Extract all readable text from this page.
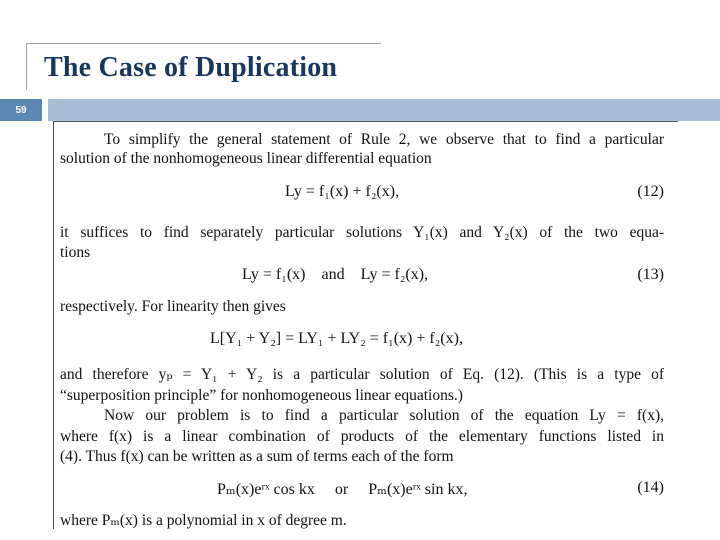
The Case of Duplication
59
To simplify the general statement of Rule 2, we observe that to find a particular
solution of the nonhomogeneous linear differential equation
Ly = f₁(x) + f₂(x),	(12)
it suffices to find separately particular solutions Y₁(x) and Y₂(x) of the two equa-
tions
Ly = f₁(x)    and    Ly = f₂(x),	(13)
respectively. For linearity then gives
L[Y₁ + Y₂] = LY₁ + LY₂ = f₁(x) + f₂(x),
and therefore yₚ = Y₁ + Y₂ is a particular solution of Eq. (12). (This is a type of
“superposition principle” for nonhomogeneous linear equations.)
Now our problem is to find a particular solution of the equation Ly = f(x),
where f(x) is a linear combination of products of the elementary functions listed in
(4). Thus f(x) can be written as a sum of terms each of the form
Pₘ(x)eʳˣ cos kx     or     Pₘ(x)eʳˣ sin kx,	(14)
where Pₘ(x) is a polynomial in x of degree m.
